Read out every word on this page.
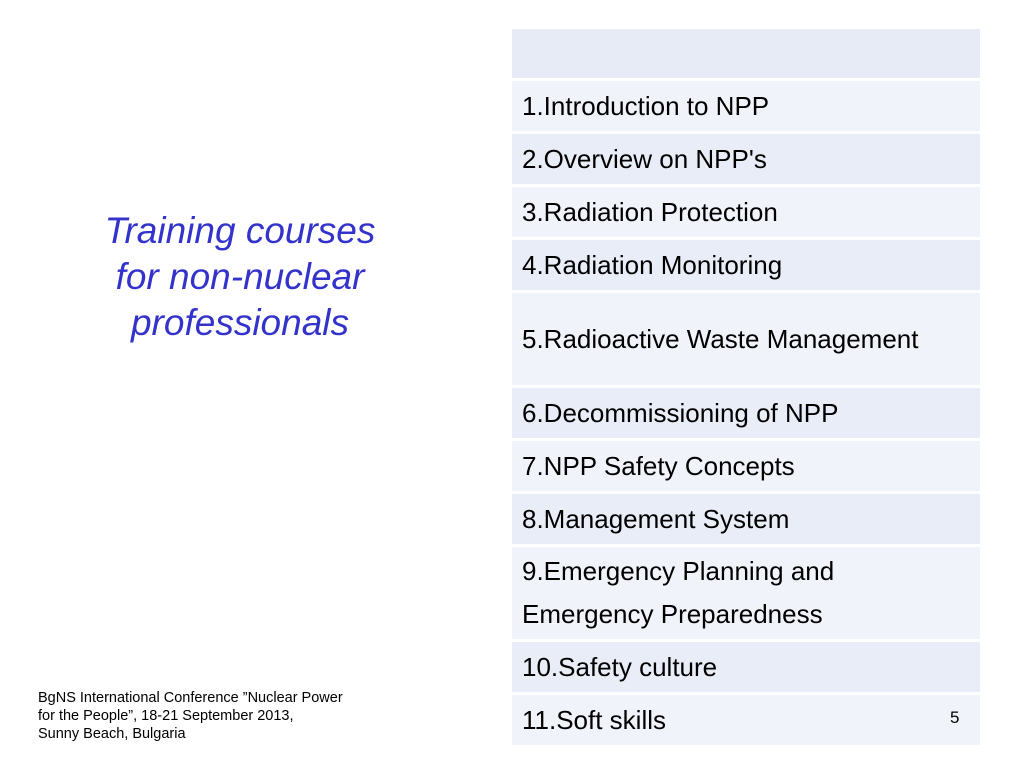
Training courses
for non-nuclear
professionals

1.Introduction to NPP
2.Overview on NPP's
3.Radiation Protection
4.Radiation Monitoring
5.Radioactive Waste Management
6.Decommissioning of NPP
7.NPP Safety Concepts
8.Management System
9.Emergency Planning and Emergency Preparedness
10.Safety culture
11.Soft skills

BgNS International Conference ”Nuclear Power
for the People”, 18-21 September 2013,
Sunny Beach, Bulgaria

5
